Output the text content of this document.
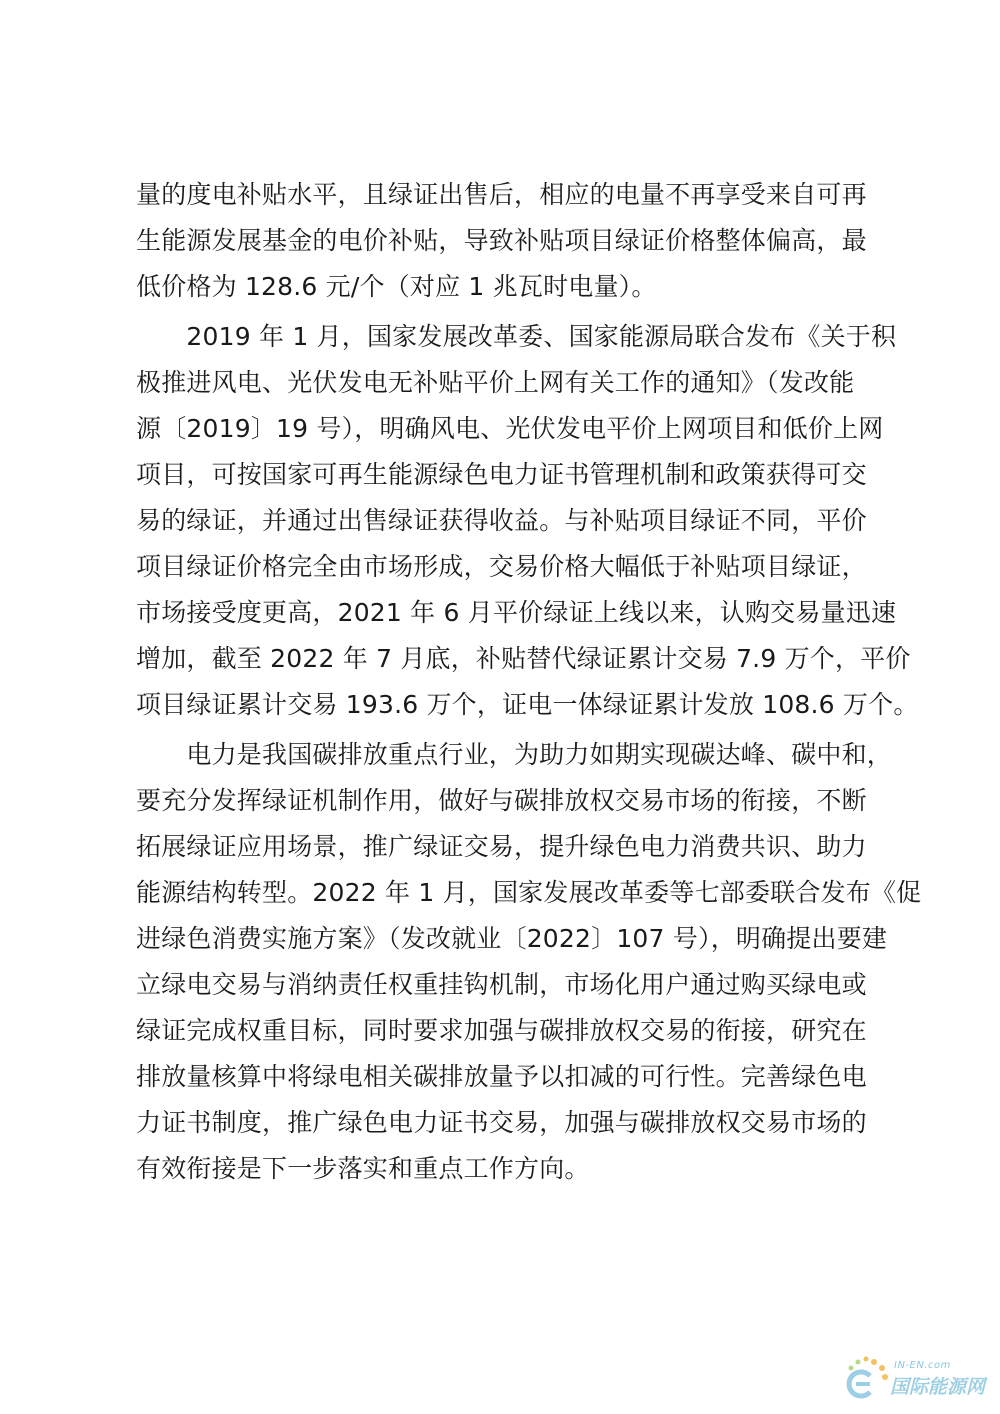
量的度电补贴水平，且绿证出售后，相应的电量不再享受来自可再
生能源发展基金的电价补贴，导致补贴项目绿证价格整体偏高，最
低价格为 128.6 元/个（对应 1 兆瓦时电量）。
　　2019 年 1 月，国家发展改革委、国家能源局联合发布《关于积
极推进风电、光伏发电无补贴平价上网有关工作的通知》（发改能
源〔2019〕19 号），明确风电、光伏发电平价上网项目和低价上网
项目，可按国家可再生能源绿色电力证书管理机制和政策获得可交
易的绿证，并通过出售绿证获得收益。与补贴项目绿证不同，平价
项目绿证价格完全由市场形成，交易价格大幅低于补贴项目绿证，
市场接受度更高，2021 年 6 月平价绿证上线以来，认购交易量迅速
增加，截至 2022 年 7 月底，补贴替代绿证累计交易 7.9 万个，平价
项目绿证累计交易 193.6 万个，证电一体绿证累计发放 108.6 万个。
　　电力是我国碳排放重点行业，为助力如期实现碳达峰、碳中和，
要充分发挥绿证机制作用，做好与碳排放权交易市场的衔接，不断
拓展绿证应用场景，推广绿证交易，提升绿色电力消费共识、助力
能源结构转型。2022 年 1 月，国家发展改革委等七部委联合发布《促
进绿色消费实施方案》（发改就业〔2022〕107 号），明确提出要建
立绿电交易与消纳责任权重挂钩机制，市场化用户通过购买绿电或
绿证完成权重目标，同时要求加强与碳排放权交易的衔接，研究在
排放量核算中将绿电相关碳排放量予以扣减的可行性。完善绿色电
力证书制度，推广绿色电力证书交易，加强与碳排放权交易市场的
有效衔接是下一步落实和重点工作方向。
IN-EN.com
国际能源网
